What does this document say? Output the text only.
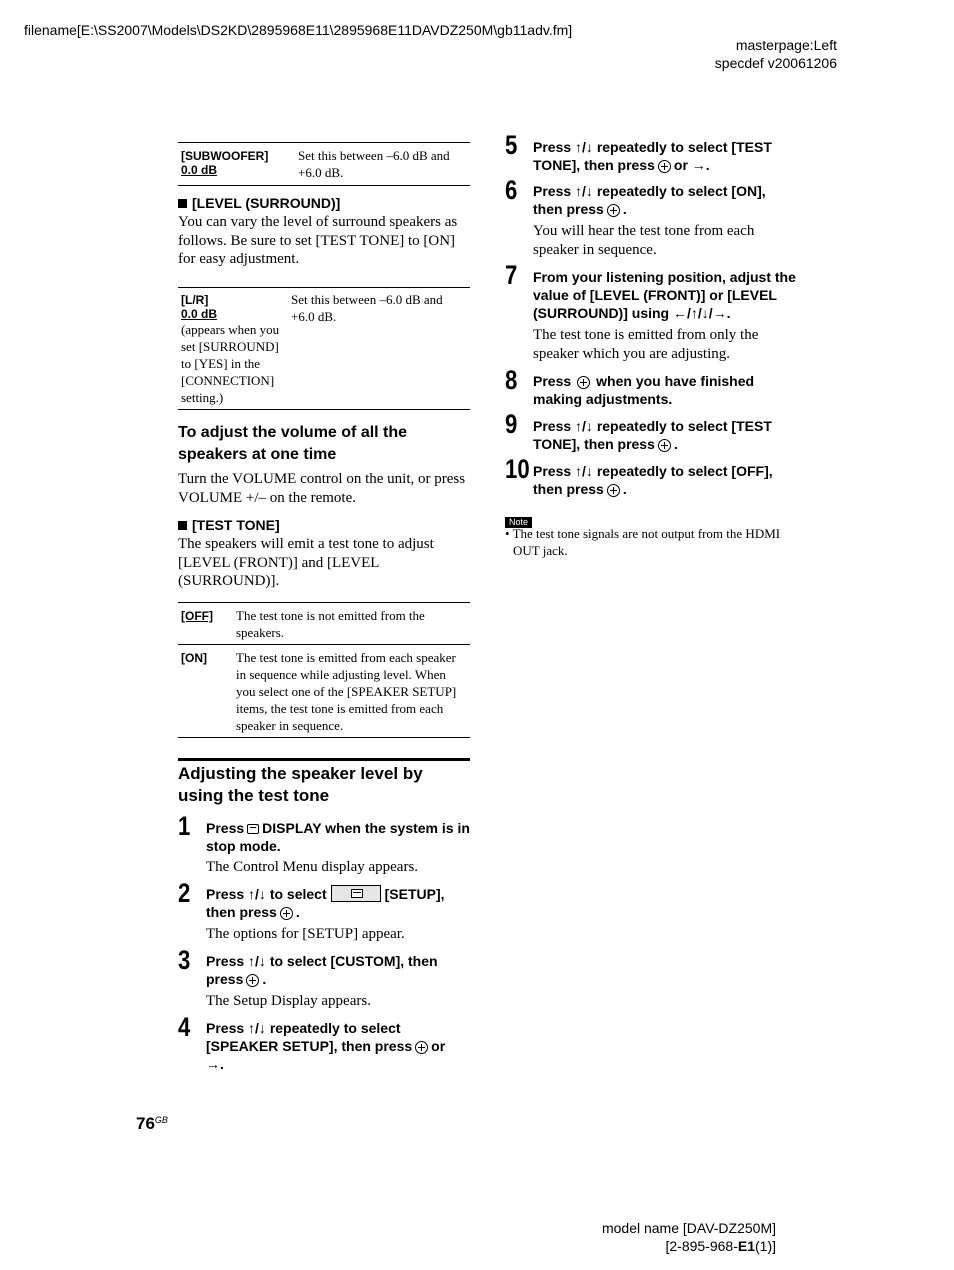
filename[E:\SS2007\Models\DS2KD\2895968E11\2895968E11DAVDZ250M\gb11adv.fm]
masterpage:Left
specdef v20061206
[SUBWOOFER]
0.0 dB
Set this between –6.0 dB and +6.0 dB.
[LEVEL (SURROUND)]
You can vary the level of surround speakers as follows. Be sure to set [TEST TONE] to [ON] for easy adjustment.
[L/R]
0.0 dB
(appears when you set [SURROUND] to [YES] in the [CONNECTION] setting.)
Set this between –6.0 dB and +6.0 dB.
To adjust the volume of all the speakers at one time
Turn the VOLUME control on the unit, or press VOLUME +/– on the remote.
[TEST TONE]
The speakers will emit a test tone to adjust [LEVEL (FRONT)] and [LEVEL (SURROUND)].
[OFF] The test tone is not emitted from the speakers.
[ON] The test tone is emitted from each speaker in sequence while adjusting level. When you select one of the [SPEAKER SETUP] items, the test tone is emitted from each speaker in sequence.
Adjusting the speaker level by using the test tone
1 Press DISPLAY when the system is in stop mode.
The Control Menu display appears.
2 Press ↑/↓ to select	[SETUP],
then press .
The options for [SETUP] appear.
3 Press ↑/↓ to select [CUSTOM], then
press .
The Setup Display appears.
4 Press ↑/↓ repeatedly to select
[SPEAKER SETUP], then press or
→.
$76^{GB}$
5 Press ↑/↓ repeatedly to select [TEST
TONE], then press or →.
6 Press ↑/↓ repeatedly to select [ON],
then press .
You will hear the test tone from each speaker in sequence.
7 From your listening position, adjust the value of [LEVEL (FRONT)] or [LEVEL (SURROUND)] using ←/↑/↓/→.
The test tone is emitted from only the speaker which you are adjusting.
8 Press when you have finished
making adjustments.
9 Press ↑/↓ repeatedly to select [TEST
TONE], then press .
10 Press ↑/↓ repeatedly to select [OFF],
then press .
Note
• The test tone signals are not output from the HDMI OUT jack.
model name [DAV-DZ250M]
[2-895-968-E1(1)]
